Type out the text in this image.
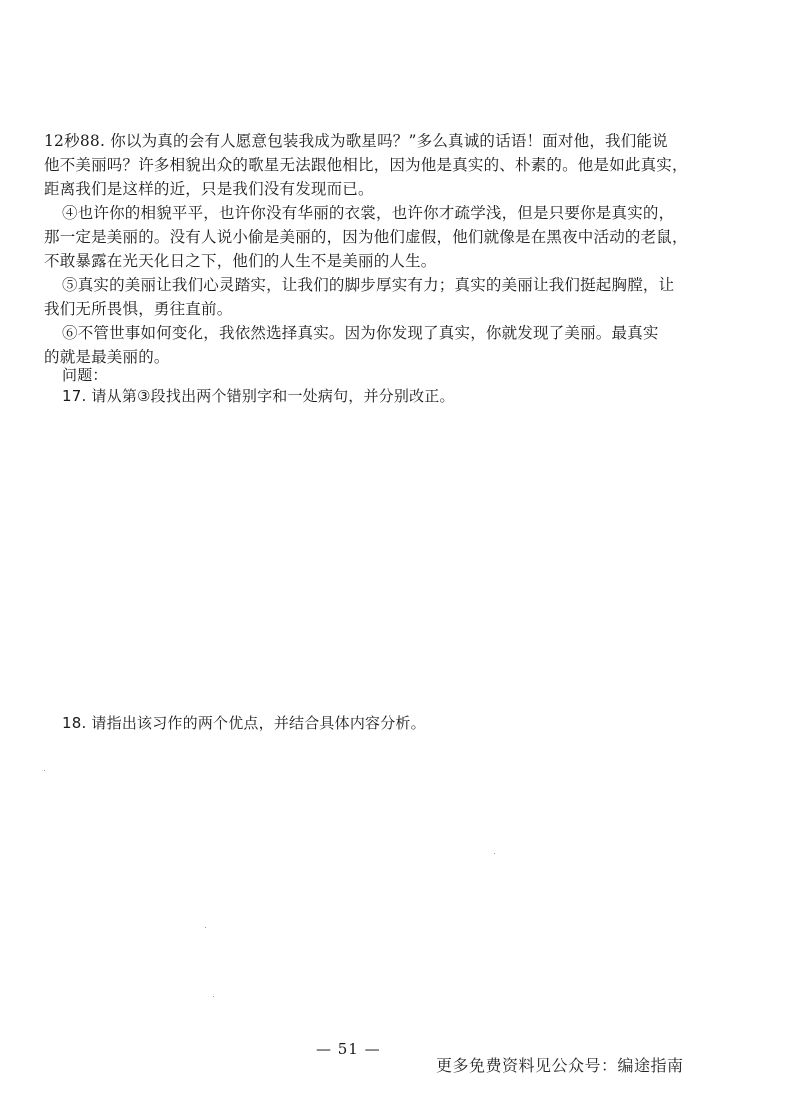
12秒88. 你以为真的会有人愿意包装我成为歌星吗？”多么真诚的话语！面对他，我们能说
他不美丽吗？许多相貌出众的歌星无法跟他相比，因为他是真实的、朴素的。他是如此真实，
距离我们是这样的近，只是我们没有发现而已。
④也许你的相貌平平，也许你没有华丽的衣裳，也许你才疏学浅，但是只要你是真实的，
那一定是美丽的。没有人说小偷是美丽的，因为他们虚假，他们就像是在黑夜中活动的老鼠，
不敢暴露在光天化日之下，他们的人生不是美丽的人生。
⑤真实的美丽让我们心灵踏实，让我们的脚步厚实有力；真实的美丽让我们挺起胸膛，让
我们无所畏惧，勇往直前。
⑥不管世事如何变化，我依然选择真实。因为你发现了真实，你就发现了美丽。最真实
的就是最美丽的。
问题：
17. 请从第③段找出两个错别字和一处病句，并分别改正。
18. 请指出该习作的两个优点，并结合具体内容分析。
— 51 —
更多免费资料见公众号：编途指南
